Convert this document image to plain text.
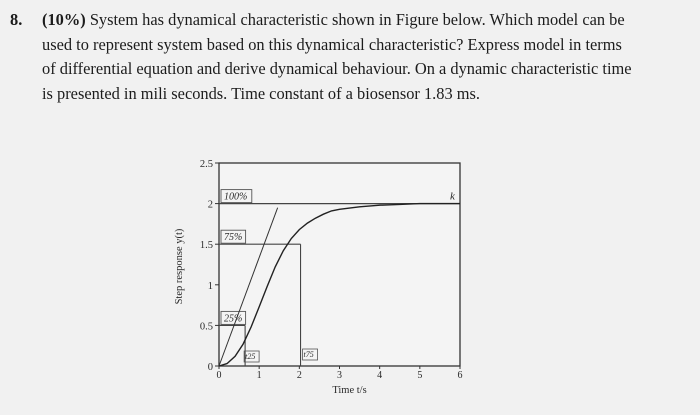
8. (10%) System has dynamical characteristic shown in Figure below. Which model can be
used to represent system based on this dynamical characteristic? Express model in terms
of differential equation and derive dynamical behaviour. On a dynamic characteristic time
is presented in mili seconds. Time constant of a biosensor 1.83 ms.
0
0.5
1
1.5
2
2.5
0	1	2	3	4	5	6
100%
75%
25%
t25	t75
k
Time t/s
Step response y(t)
